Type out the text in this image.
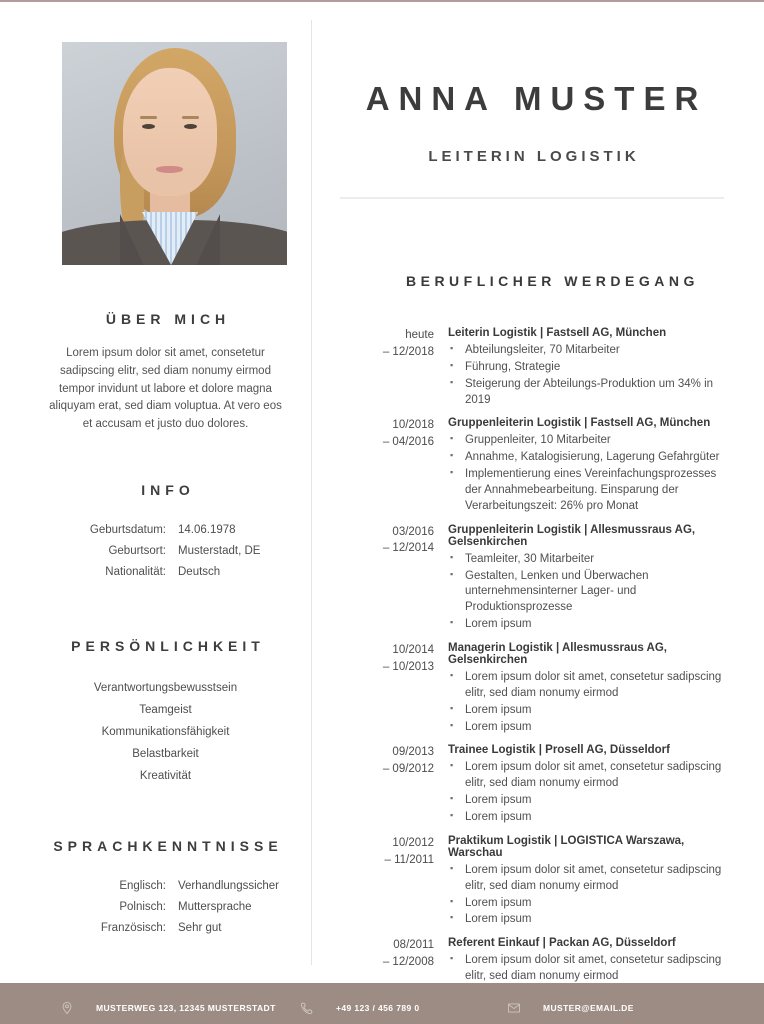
ÜBER MICH

Lorem ipsum dolor sit amet, consetetur sadipscing elitr, sed diam nonumy eirmod tempor invidunt ut labore et dolore magna aliquyam erat, sed diam voluptua. At vero eos et accusam et justo duo dolores.

INFO
Geburtsdatum: 14.06.1978
Geburtsort: Musterstadt, DE
Nationalität: Deutsch
PERSÖNLICHKEIT
Verantwortungsbewusstsein
Teamgeist
Kommunikationsfähigkeit
Belastbarkeit
Kreativität
SPRACHKENNTNISSE
Englisch: Verhandlungssicher
Polnisch: Muttersprache
Französisch: Sehr gut
ANNA MUSTER
LEITERIN LOGISTIK
BERUFLICHER WERDEGANG
heute
– 12/2018
Leiterin Logistik | Fastsell AG, München
▪ Abteilungsleiter, 70 Mitarbeiter
▪ Führung, Strategie
▪ Steigerung der Abteilungs-Produktion um 34% in 2019
10/2018
– 04/2016
Gruppenleiterin Logistik | Fastsell AG, München
▪ Gruppenleiter, 10 Mitarbeiter
▪ Annahme, Katalogisierung, Lagerung Gefahrgüter
▪ Implementierung eines Vereinfachungsprozesses der Annahmebearbeitung. Einsparung der Verarbeitungszeit: 26% pro Monat
03/2016
– 12/2014
Gruppenleiterin Logistik | Allesmussraus AG, Gelsenkirchen
▪ Teamleiter, 30 Mitarbeiter
▪ Gestalten, Lenken und Überwachen unternehmensinterner Lager- und Produktionsprozesse
▪ Lorem ipsum
10/2014
– 10/2013
Managerin Logistik | Allesmussraus AG, Gelsenkirchen
▪ Lorem ipsum dolor sit amet, consetetur sadipscing elitr, sed diam nonumy eirmod
▪ Lorem ipsum
▪ Lorem ipsum
09/2013
– 09/2012
Trainee Logistik | Prosell AG, Düsseldorf
▪ Lorem ipsum dolor sit amet, consetetur sadipscing elitr, sed diam nonumy eirmod
▪ Lorem ipsum
▪ Lorem ipsum
10/2012
– 11/2011
Praktikum Logistik | LOGISTICA Warszawa, Warschau
▪ Lorem ipsum dolor sit amet, consetetur sadipscing elitr, sed diam nonumy eirmod
▪ Lorem ipsum
▪ Lorem ipsum
08/2011
– 12/2008
Referent Einkauf | Packan AG, Düsseldorf
▪ Lorem ipsum dolor sit amet, consetetur sadipscing elitr, sed diam nonumy eirmod
▪
▪
MUSTERWEG 123, 12345 MUSTERSTADT	+49 123 / 456 789 0	MUSTER@EMAIL.DE
